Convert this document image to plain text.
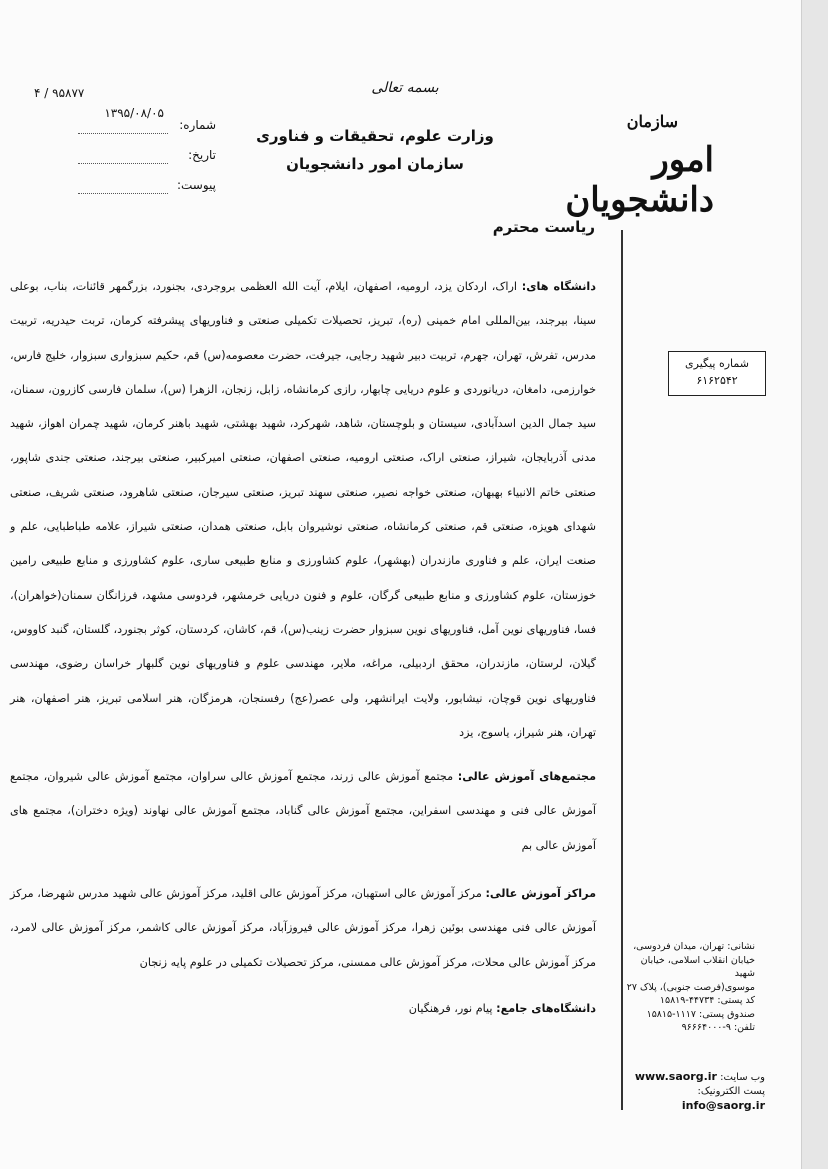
بسمه تعالی
وزارت علوم، تحقیقات و فناوری
سازمان امور دانشجویان
سازمان
امور دانشجویان
۴ / ۹۵۸۷۷
شماره:
۱۳۹۵/۰۸/۰۵
تاریخ:
پیوست:
ریاست محترم
شماره پیگیری
۶۱۶۲۵۴۲
دانشگاه های: اراک، اردکان یزد، ارومیه، اصفهان، ایلام، آیت الله العظمی بروجردی، بجنورد، بزرگمهر قائنات، بناب، بوعلی سینا، بیرجند، بین‌المللی امام خمینی (ره)، تبریز، تحصیلات تکمیلی صنعتی و فناوریهای پیشرفته کرمان، تربت حیدریه، تربیت مدرس، تفرش، تهران، جهرم، تربیت دبیر شهید رجایی، جیرفت، حضرت معصومه(س) قم، حکیم سبزواری سبزوار، خلیج فارس، خوارزمی، دامغان، دریانوردی و علوم دریایی چابهار، رازی کرمانشاه، زابل، زنجان، الزهرا (س)، سلمان فارسی کازرون، سمنان، سید جمال الدین اسدآبادی، سیستان و بلوچستان، شاهد، شهرکرد، شهید بهشتی، شهید باهنر کرمان، شهید چمران اهواز، شهید مدنی آذربایجان، شیراز، صنعتی اراک، صنعتی ارومیه، صنعتی اصفهان، صنعتی امیرکبیر، صنعتی بیرجند، صنعتی جندی شاپور، صنعتی خاتم الانبیاء بهبهان، صنعتی خواجه نصیر، صنعتی سهند تبریز، صنعتی سیرجان، صنعتی شاهرود، صنعتی شریف، صنعتی شهدای هویزه، صنعتی قم، صنعتی کرمانشاه، صنعتی نوشیروان بابل، صنعتی همدان، صنعتی شیراز، علامه طباطبایی، علم و صنعت ایران، علم و فناوری مازندران (بهشهر)، علوم کشاورزی و منابع طبیعی ساری، علوم کشاورزی و منابع طبیعی رامین خوزستان، علوم کشاورزی و منابع طبیعی گرگان، علوم و فنون دریایی خرمشهر، فردوسی مشهد، فرزانگان سمنان(خواهران)، فسا، فناوریهای نوین آمل، فناوریهای نوین سبزوار حضرت زینب(س)، قم، کاشان، کردستان، کوثر بجنورد، گلستان، گنبد کاووس، گیلان، لرستان، مازندران، محقق اردبیلی، مراغه، ملایر، مهندسی علوم و فناوریهای نوین گلبهار خراسان رضوی، مهندسی فناوریهای نوین قوچان، نیشابور، ولایت ایرانشهر، ولی عصر(عج) رفسنجان، هرمزگان، هنر اسلامی تبریز، هنر اصفهان، هنر تهران، هنر شیراز، یاسوج، یزد
مجتمع‌های آموزش عالی: مجتمع آموزش عالی زرند، مجتمع آموزش عالی سراوان، مجتمع آموزش عالی شیروان، مجتمع آموزش عالی فنی و مهندسی اسفراین، مجتمع آموزش عالی گناباد، مجتمع آموزش عالی نهاوند (ویژه دختران)، مجتمع های آموزش عالی بم
مراکز آموزش عالی: مرکز آموزش عالی استهبان، مرکز آموزش عالی اقلید، مرکز آموزش عالی شهید مدرس شهرضا، مرکز آموزش عالی فنی مهندسی بوئین زهرا، مرکز آموزش عالی فیروزآباد، مرکز آموزش عالی کاشمر، مرکز آموزش عالی لامرد، مرکز آموزش عالی محلات، مرکز آموزش عالی ممسنی، مرکز تحصیلات تکمیلی در علوم پایه زنجان
دانشگاه‌های جامع: پیام نور، فرهنگیان
نشانی: تهران، میدان فردوسی،
خیابان انقلاب اسلامی، خیابان شهید
موسوی(فرصت جنوبی)، پلاک ۲۷
کد پستی: ۴۴۷۳۴-۱۵۸۱۹
صندوق پستی: ۱۱۱۷-۱۵۸۱۵
تلفن: ۹-۹۶۶۶۴۰۰۰
وب سایت: www.saorg.ir
پست الکترونیک: info@saorg.ir
